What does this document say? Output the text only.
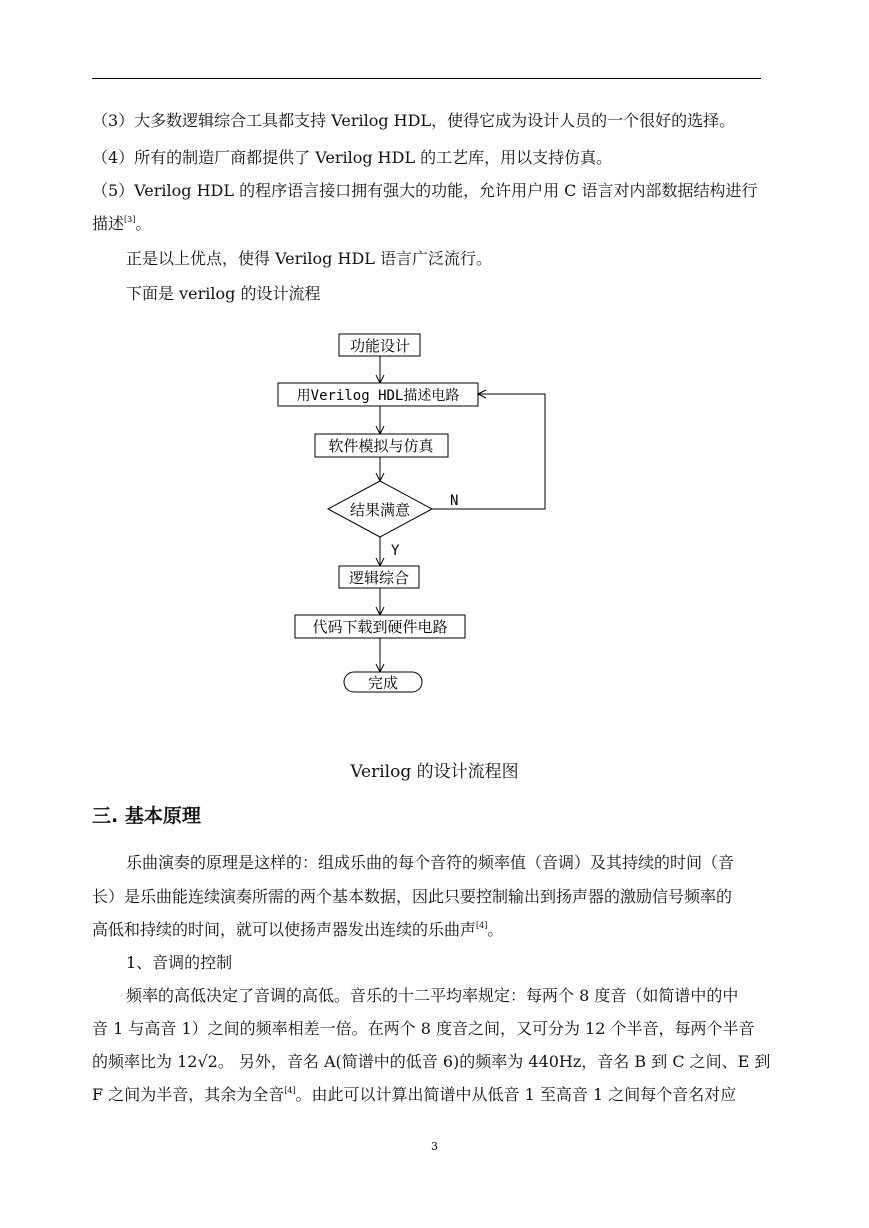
（3）大多数逻辑综合工具都支持 Verilog HDL，使得它成为设计人员的一个很好的选择。
（4）所有的制造厂商都提供了 Verilog HDL 的工艺库，用以支持仿真。
（5）Verilog HDL 的程序语言接口拥有强大的功能，允许用户用 C 语言对内部数据结构进行
描述[3]。
正是以上优点，使得 Verilog HDL 语言广泛流行。
下面是 verilog 的设计流程
功能设计
用Verilog HDL描述电路
软件模拟与仿真
结果满意	N
Y
逻辑综合
代码下载到硬件电路
完成
Verilog 的设计流程图
三. 基本原理
乐曲演奏的原理是这样的：组成乐曲的每个音符的频率值（音调）及其持续的时间（音
长）是乐曲能连续演奏所需的两个基本数据，因此只要控制输出到扬声器的激励信号频率的
高低和持续的时间，就可以使扬声器发出连续的乐曲声[4]。
1、音调的控制
频率的高低决定了音调的高低。音乐的十二平均率规定：每两个 8 度音（如简谱中的中
音 1 与高音 1）之间的频率相差一倍。在两个 8 度音之间，又可分为 12 个半音，每两个半音
的频率比为 12√2。 另外，音名 A(简谱中的低音 6)的频率为 440Hz，音名 B 到 C 之间、E 到
F 之间为半音，其余为全音[4]。由此可以计算出简谱中从低音 1 至高音 1 之间每个音名对应
3
